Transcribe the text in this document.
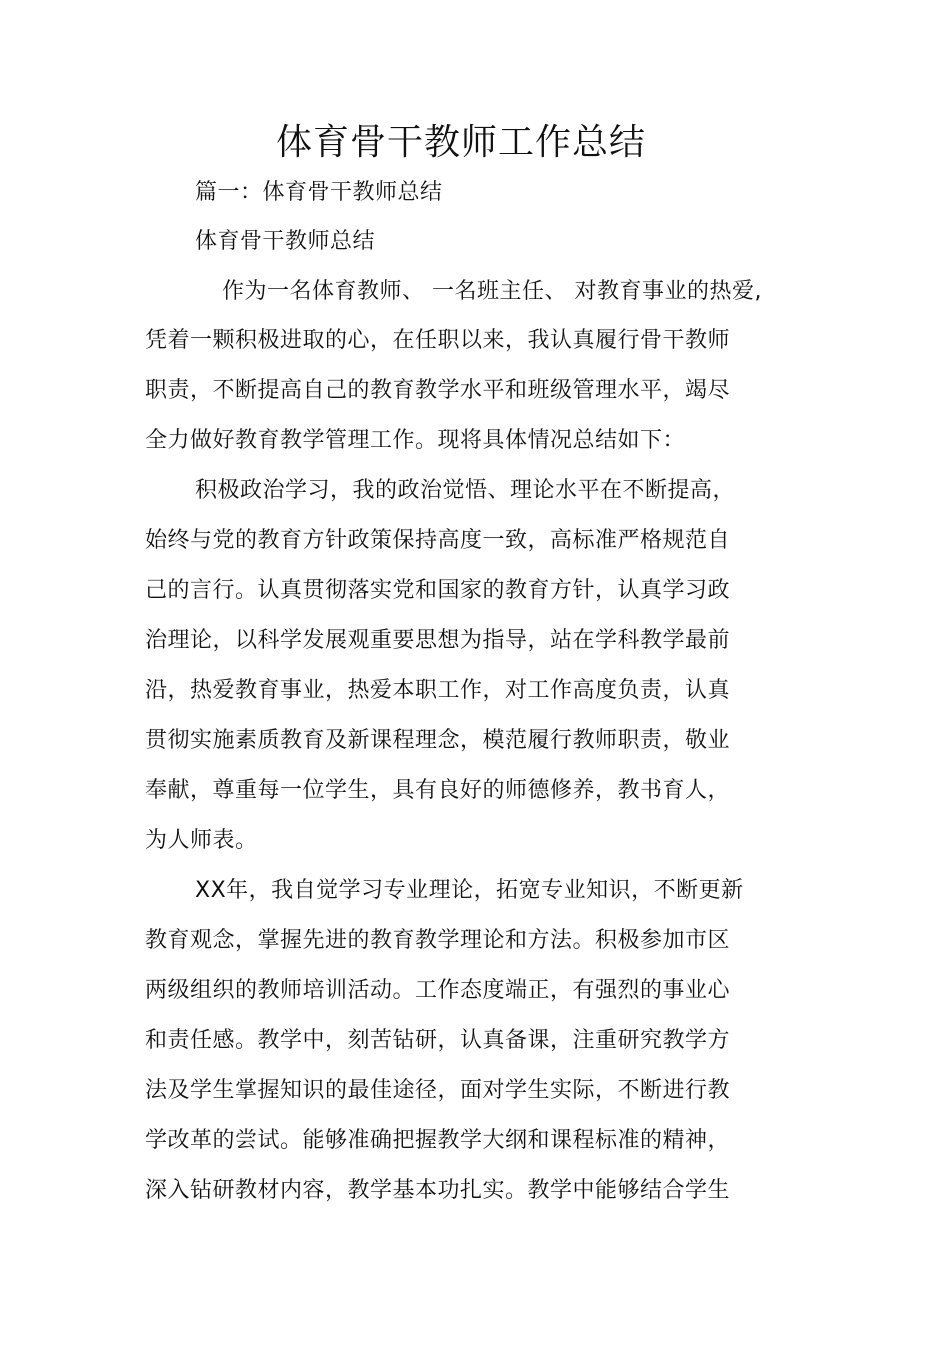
体育骨干教师工作总结
篇一：体育骨干教师总结
体育骨干教师总结
作为一名体育教师、 一名班主任、 对教育事业的热爱,
凭着一颗积极进取的心，在任职以来，我认真履行骨干教师
职责，不断提高自己的教育教学水平和班级管理水平，竭尽
全力做好教育教学管理工作。现将具体情况总结如下：
积极政治学习，我的政治觉悟、理论水平在不断提高，
始终与党的教育方针政策保持高度一致，高标准严格规范自
己的言行。认真贯彻落实党和国家的教育方针，认真学习政
治理论，以科学发展观重要思想为指导，站在学科教学最前
沿，热爱教育事业，热爱本职工作，对工作高度负责，认真
贯彻实施素质教育及新课程理念，模范履行教师职责，敬业
奉献，尊重每一位学生，具有良好的师德修养，教书育人，
为人师表。
XX年，我自觉学习专业理论，拓宽专业知识，不断更新
教育观念，掌握先进的教育教学理论和方法。积极参加市区
两级组织的教师培训活动。工作态度端正，有强烈的事业心
和责任感。教学中，刻苦钻研，认真备课，注重研究教学方
法及学生掌握知识的最佳途径，面对学生实际，不断进行教
学改革的尝试。能够准确把握教学大纲和课程标准的精神，
深入钻研教材内容，教学基本功扎实。教学中能够结合学生
